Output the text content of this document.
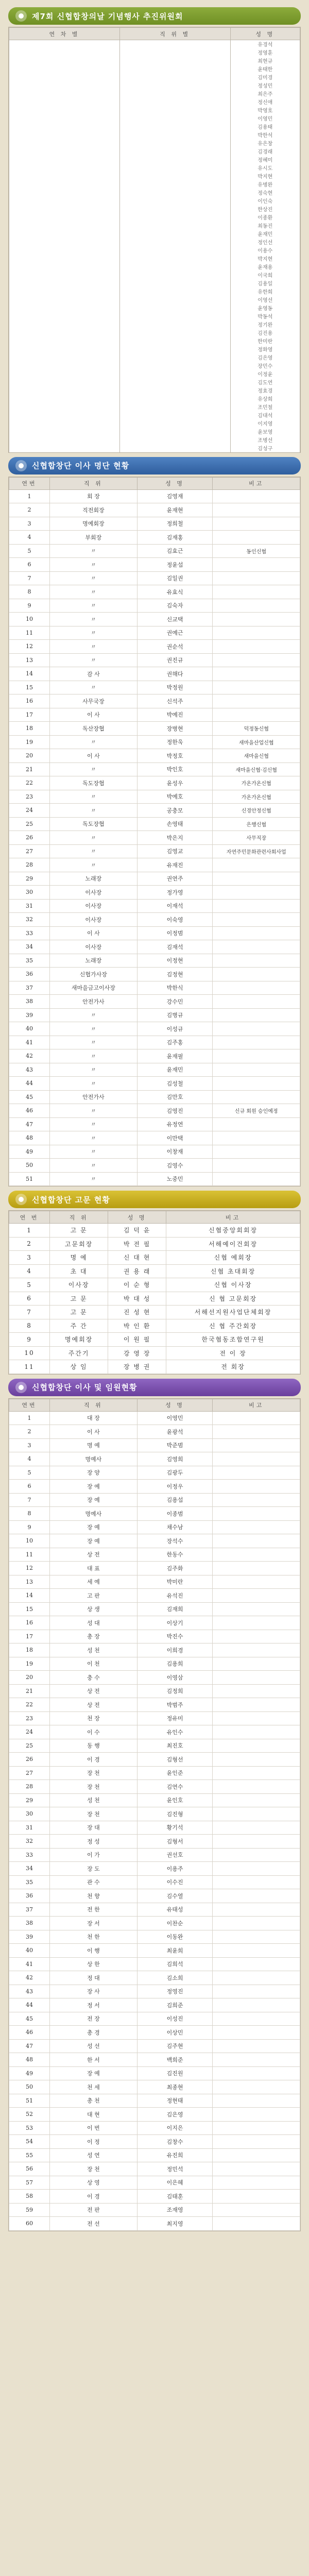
제7회 신협합창의날 기념행사 추진위원회
연 차 별	직 위 별	성 명
		유경석
		정영훈
		최현규
		윤태한
		김미경
		정성민
		최은주
		정신애
		박영호
		이영민
		김용태
		박한석
		유은창
		김경래
		정혜미
		유시도
		박지현
		유병완
		정숙현
		이인숙
		한상진
		이종환
		최동진
		윤재민
		정인선
		이용수
		박지현
		윤재용
		이국희
		김용일
		유한희
		이영선
		윤영동
		박동석
		정기완
		김진용
		한미란
		정화영
		김은영
		장민수
		이정윤
		김도연
		정효경
		유상희
		조민철
		김대석
		이지영
		윤보영
		조병선
		김성구
신협합창단 이사 명단 현황
연번	직 위	성 명	비고
1	회 장	김영재	
2	직전회장	윤재현	
3	명예회장	정희철	
4	부회장	김재홍	
5	〃	김효근	동인신협
6	〃	정윤섭	
7	〃	김일권	
8	〃	유효식	
9	〃	김숙자	
10	〃	신교택	
11	〃	권예근	
12	〃	권순석	
13	〃	권진규	
14	감 사	권해다	
15	〃	박정원	
16	사무국장	신석주	
17	이 사	박예진	
18	독산장협	장병현	덕정동신협
19	〃	정한욱	새마을산업신협
20	이 사	박정호	새마을신협
21	〃	박인호	새마을신협·김신협
22	독도장협	윤성우	가온가온신협
23	〃	박예호	가온가온신협
24	〃	공충모	신경안정신협
25	독도장협	손영태	은행신협
26	〃	박은지	사무직장
27	〃	김영교	자연주민문화관련사회사업
28	〃	유재진	
29	노래장	권연주	
30	이사장	정가영	
31	이사장	이재석	
32	이사장	이숙영	
33	이 사	이정범	
34	이사장	김재석	
35	노래장	이정현	
36	신협가사장	김정현	
37	새마을금고이사장	박한식	
38	안전가사	강수민	
39	〃	김병규	
40	〃	이성규	
41	〃	김주홍	
42	〃	윤재필	
43	〃	윤재민	
44	〃	김성철	
45	안전가사	김만호	
46	〃	김영진	신규 회원 승인예정
47	〃	유정연	
48	〃	이만택	
49	〃	이창재	
50	〃	김영수	
51	〃	노중민	
신협합창단 고문 현황
연 번	직 위	성 명	비고
1	고 문	김 덕 윤	신협중앙회회장
2	고문회장	박 전 필	서해예이건회장
3	명 예	신 대 현	신협 예회장
4	초 대	권 용 래	신협 초대회장
5	이사장	이 순 형	신협 이사장
6	고 문	박 대 성	신 협 고문회장
7	고 문	진 성 현	서해선지원사업단체회장
8	주 간	박 인 환	신 협 주간회장
9	명예회장	이 원 필	한국협동조합연구원
10	주간기	강 영 장	전 이 장
11	상 임	장 병 권	전 회장
신협합창단 이사 및 임원현황
연번	직 위	성 명	비고
1	대 장	이영민	
2	이 사	윤광석	
3	명 예	박준범	
4	명예사	김영희	
5	장 양	김광두	
6	장 예	이정우	
7	장 예	김용섭	
8	명예사	이종범	
9	장 예	채수남	
10	장 예	장석수	
11	상 전	한동수	
12	대 표	김주화	
13	세 예	박미란	
14	고 판	유석진	
15	상 생	김재희	
16	성 대	이상기	
17	총 장	박진수	
18	성 천	이희경	
19	이 천	김용희	
20	충 수	이영삼	
21	상 전	김정희	
22	상 전	박범주	
23	천 장	정유미	
24	이 수	유인수	
25	동 행	최진호	
26	이 경	김형선	
27	장 천	윤인준	
28	장 천	김연수	
29	성 천	윤인호	
30	장 천	김진형	
31	장 대	황기석	
32	정 성	김형서	
33	이 가	권선호	
34	장 도	이용주	
35	관 수	이수진	
36	천 향	김수열	
37	전 한	유태성	
38	장 서	이찬순	
39	천 한	이동완	
40	이 행	최윤희	
41	상 한	김희석	
42	정 대	김소희	
43	장 사	정영진	
44	정 서	김희준	
45	전 장	이성진	
46	총 경	이상민	
47	성 선	김주현	
48	한 서	백희준	
49	장 예	김진원	
50	천 세	최종현	
51	총 천	정현태	
52	대 현	김은영	
53	이 번	이지은	
54	이 정	김창수	
55	성 연	유진희	
56	장 천	정민석	
57	상 영	이은혜	
58	이 경	김태훈	
59	전 판	조재영	
60	전 선	최지영	
